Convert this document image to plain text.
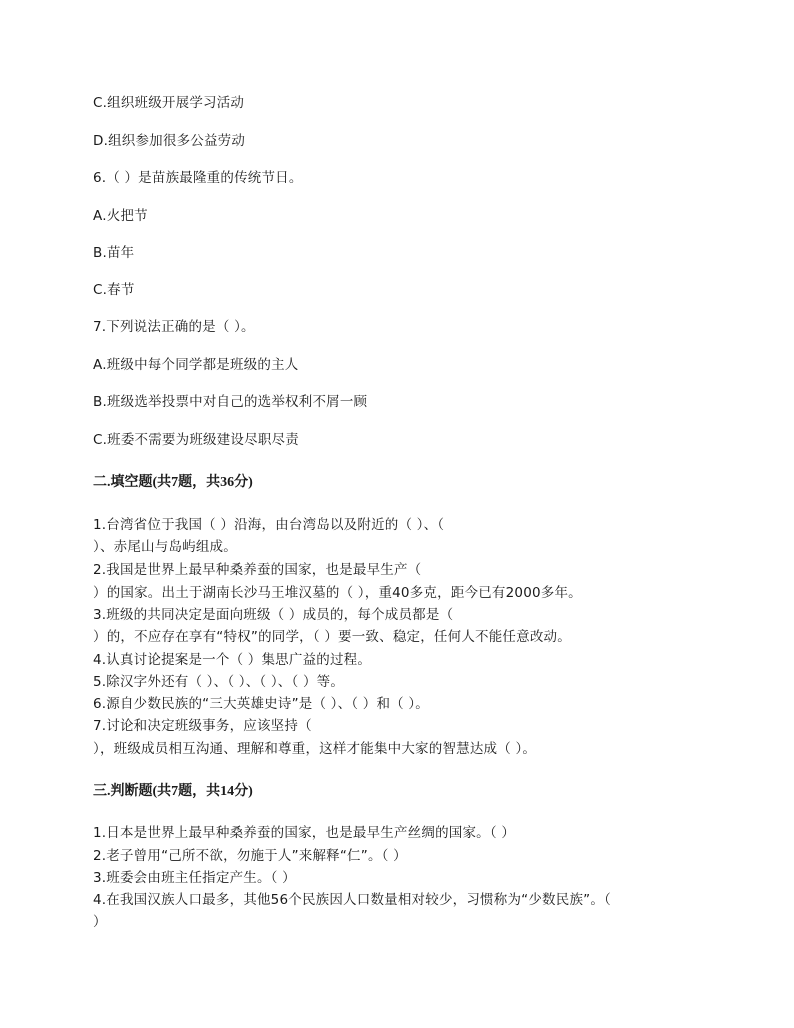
C.组织班级开展学习活动
D.组织参加很多公益劳动
6.（ ）是苗族最隆重的传统节日。
A.火把节
B.苗年
C.春节
7.下列说法正确的是（ ）。
A.班级中每个同学都是班级的主人
B.班级选举投票中对自己的选举权利不屑一顾
C.班委不需要为班级建设尽职尽责
二.填空题(共7题，共36分)
1.台湾省位于我国（ ）沿海，由台湾岛以及附近的（ ）、（
）、赤尾山与岛屿组成。
2.我国是世界上最早种桑养蚕的国家，也是最早生产（
）的国家。出土于湖南长沙马王堆汉墓的（ ），重40多克，距今已有2000多年。
3.班级的共同决定是面向班级（ ）成员的，每个成员都是（
）的，不应存在享有“特权”的同学，（ ）要一致、稳定，任何人不能任意改动。
4.认真讨论提案是一个（ ）集思广益的过程。
5.除汉字外还有（ ）、（ ）、（ ）、（ ）等。
6.源自少数民族的“三大英雄史诗”是（ ）、（ ）和（ ）。
7.讨论和决定班级事务，应该坚持（
），班级成员相互沟通、理解和尊重，这样才能集中大家的智慧达成（ ）。
三.判断题(共7题，共14分)
1.日本是世界上最早种桑养蚕的国家，也是最早生产丝绸的国家。（ ）
2.老子曾用“己所不欲，勿施于人”来解释“仁”。（ ）
3.班委会由班主任指定产生。（ ）
4.在我国汉族人口最多，其他56个民族因人口数量相对较少，习惯称为“少数民族”。（
）
